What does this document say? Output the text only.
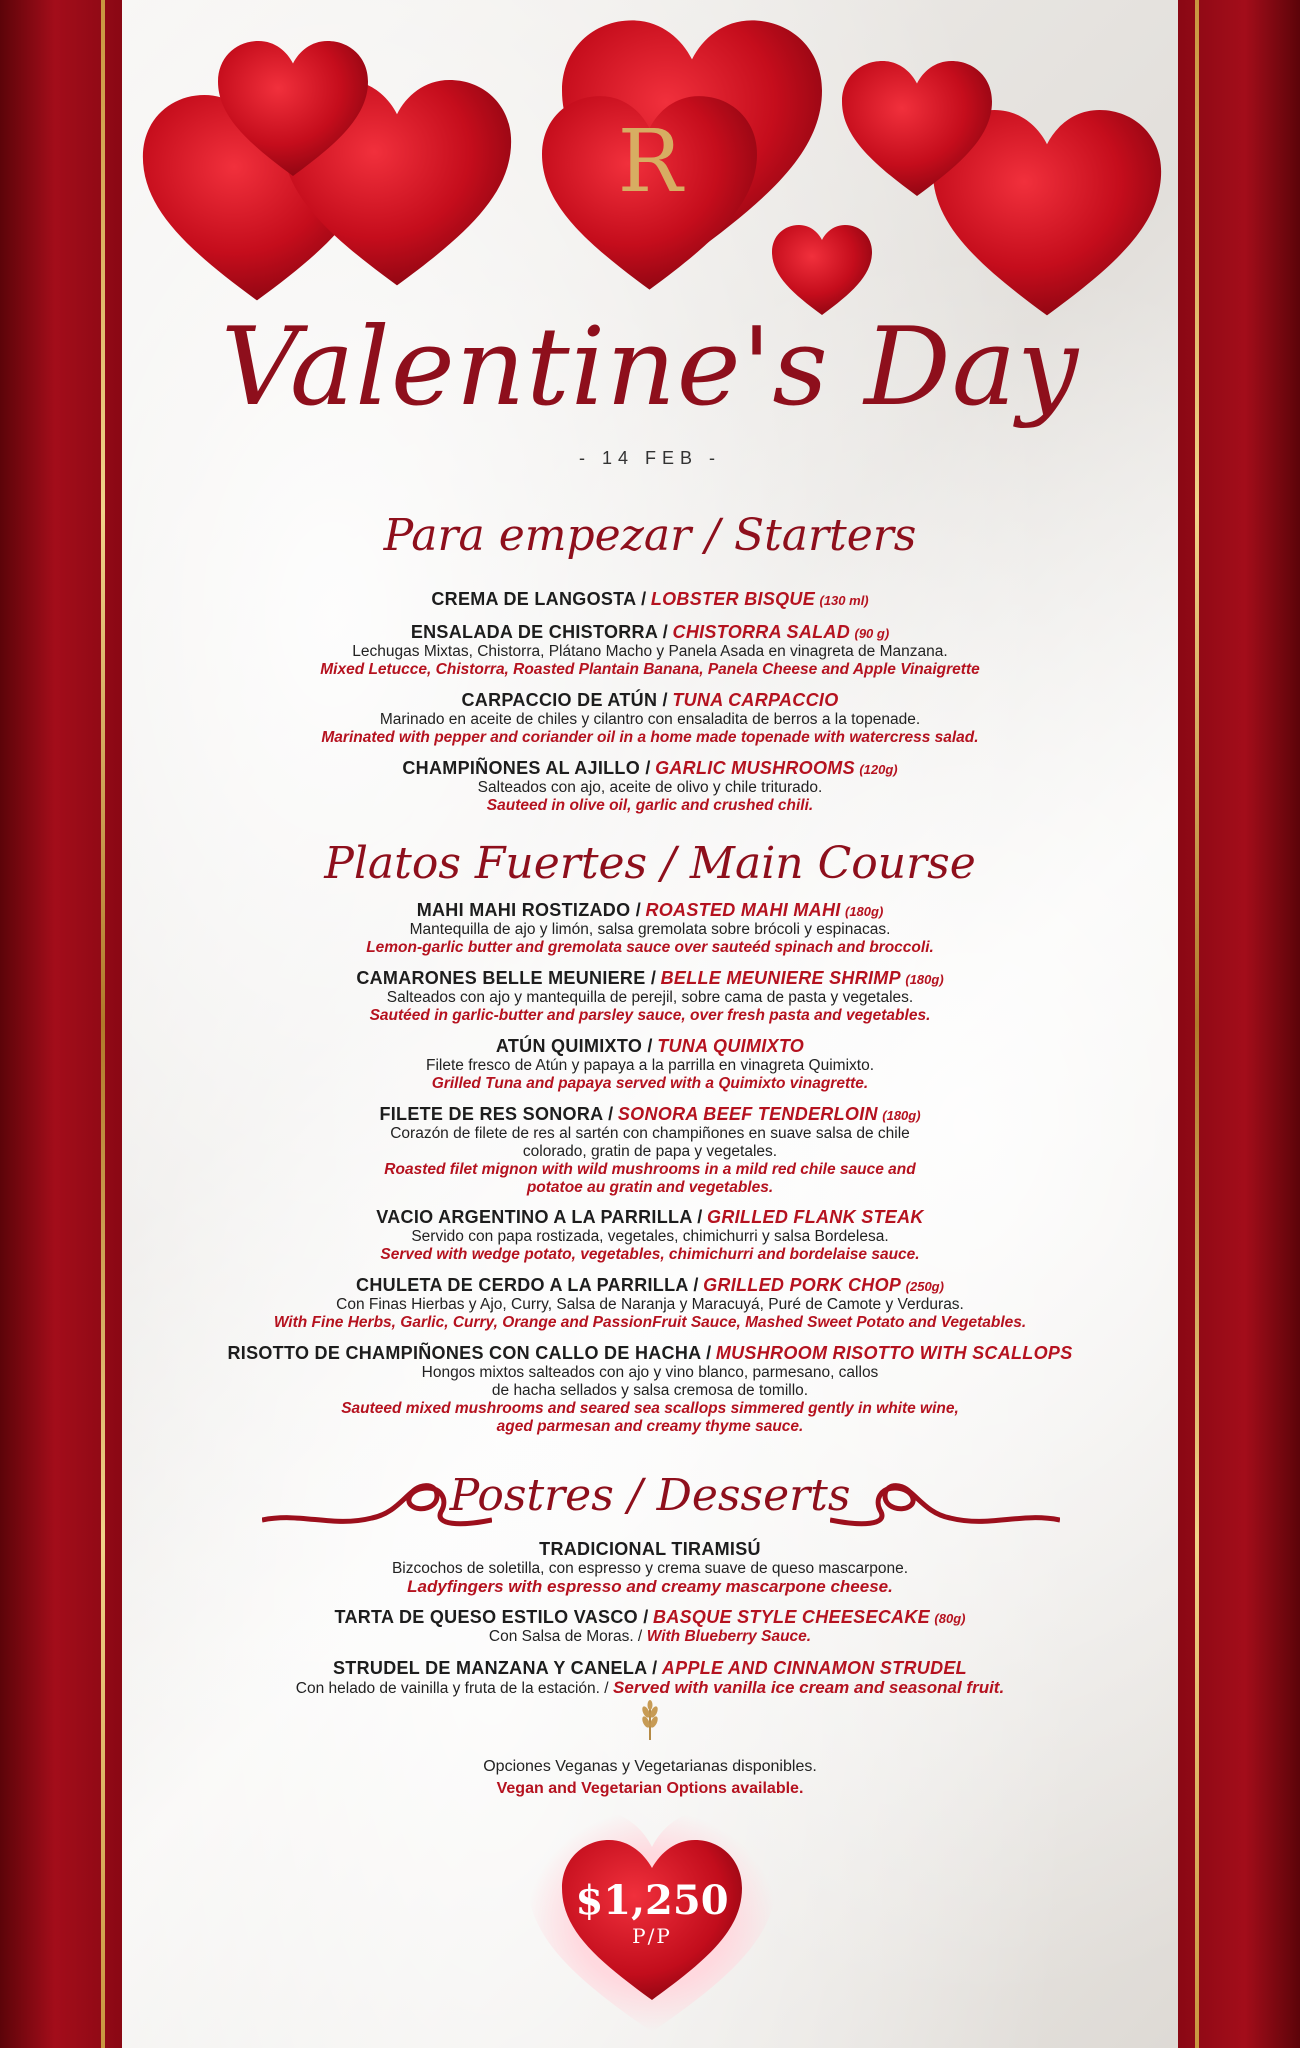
R
Valentine's Day
- 14 FEB -
Para empezar / Starters
CREMA DE LANGOSTA / LOBSTER BISQUE (130 ml)
ENSALADA DE CHISTORRA / CHISTORRA SALAD (90 g)
Lechugas Mixtas, Chistorra, Plátano Macho y Panela Asada en vinagreta de Manzana.
Mixed Letucce, Chistorra, Roasted Plantain Banana, Panela Cheese and Apple Vinaigrette
CARPACCIO DE ATÚN / TUNA CARPACCIO
Marinado en aceite de chiles y cilantro con ensaladita de berros a la topenade.
Marinated with pepper and coriander oil in a home made topenade with watercress salad.
CHAMPIÑONES AL AJILLO / GARLIC MUSHROOMS (120g)
Salteados con ajo, aceite de olivo y chile triturado.
Sauteed in olive oil, garlic and crushed chili.
Platos Fuertes / Main Course
MAHI MAHI ROSTIZADO / ROASTED MAHI MAHI (180g)
Mantequilla de ajo y limón, salsa gremolata sobre brócoli y espinacas.
Lemon-garlic butter and gremolata sauce over sauteéd spinach and broccoli.
CAMARONES BELLE MEUNIERE / BELLE MEUNIERE SHRIMP (180g)
Salteados con ajo y mantequilla de perejil, sobre cama de pasta y vegetales.
Sautéed in garlic-butter and parsley sauce, over fresh pasta and vegetables.
ATÚN QUIMIXTO / TUNA QUIMIXTO
Filete fresco de Atún y papaya a la parrilla en vinagreta Quimixto.
Grilled Tuna and papaya served with a Quimixto vinagrette.
FILETE DE RES SONORA / SONORA BEEF TENDERLOIN (180g)
Corazón de filete de res al sartén con champiñones en suave salsa de chile colorado, gratin de papa y vegetales.
Roasted filet mignon with wild mushrooms in a mild red chile sauce and potatoe au gratin and vegetables.
VACIO ARGENTINO A LA PARRILLA / GRILLED FLANK STEAK
Servido con papa rostizada, vegetales, chimichurri y salsa Bordelesa.
Served with wedge potato, vegetables, chimichurri and bordelaise sauce.
CHULETA DE CERDO A LA PARRILLA / GRILLED PORK CHOP (250g)
Con Finas Hierbas y Ajo, Curry, Salsa de Naranja y Maracuyá, Puré de Camote y Verduras.
With Fine Herbs, Garlic, Curry, Orange and PassionFruit Sauce, Mashed Sweet Potato and Vegetables.
RISOTTO DE CHAMPIÑONES CON CALLO DE HACHA / MUSHROOM RISOTTO WITH SCALLOPS
Hongos mixtos salteados con ajo y vino blanco, parmesano, callos de hacha sellados y salsa cremosa de tomillo.
Sauteed mixed mushrooms and seared sea scallops simmered gently in white wine, aged parmesan and creamy thyme sauce.
Postres / Desserts
TRADICIONAL TIRAMISÚ
Bizcochos de soletilla, con espresso y crema suave de queso mascarpone.
Ladyfingers with espresso and creamy mascarpone cheese.
TARTA DE QUESO ESTILO VASCO / BASQUE STYLE CHEESECAKE (80g)
Con Salsa de Moras. / With Blueberry Sauce.
STRUDEL DE MANZANA Y CANELA / APPLE AND CINNAMON STRUDEL
Con helado de vainilla y fruta de la estación. / Served with vanilla ice cream and seasonal fruit.
Opciones Veganas y Vegetarianas disponibles.
Vegan and Vegetarian Options available.
$1,250
P/P
